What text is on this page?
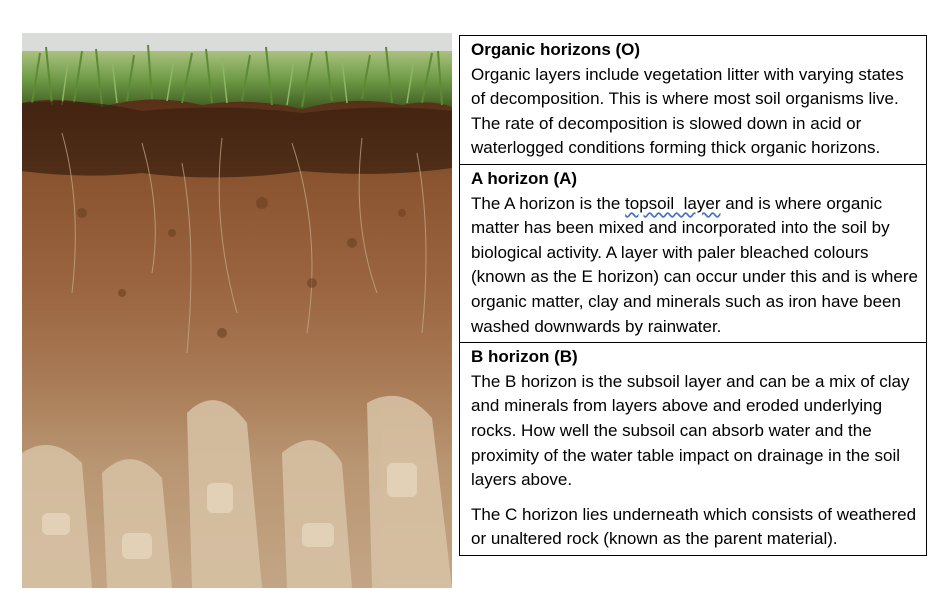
Organic horizons (O)

Organic layers include vegetation litter with varying states of decomposition. This is where most soil organisms live. The rate of decomposition is slowed down in acid or waterlogged conditions forming thick organic horizons.

A horizon (A)

The A horizon is the topsoil  layer and is where organic matter has been mixed and incorporated into the soil by biological activity. A layer with paler bleached colours (known as the E horizon) can occur under this and is where organic matter, clay and minerals such as iron have been washed downwards by rainwater.

B horizon (B)

The B horizon is the subsoil layer and can be a mix of clay and minerals from layers above and eroded underlying rocks. How well the subsoil can absorb water and the proximity of the water table impact on drainage in the soil layers above.

The C horizon lies underneath which consists of weathered or unaltered rock (known as the parent material).
